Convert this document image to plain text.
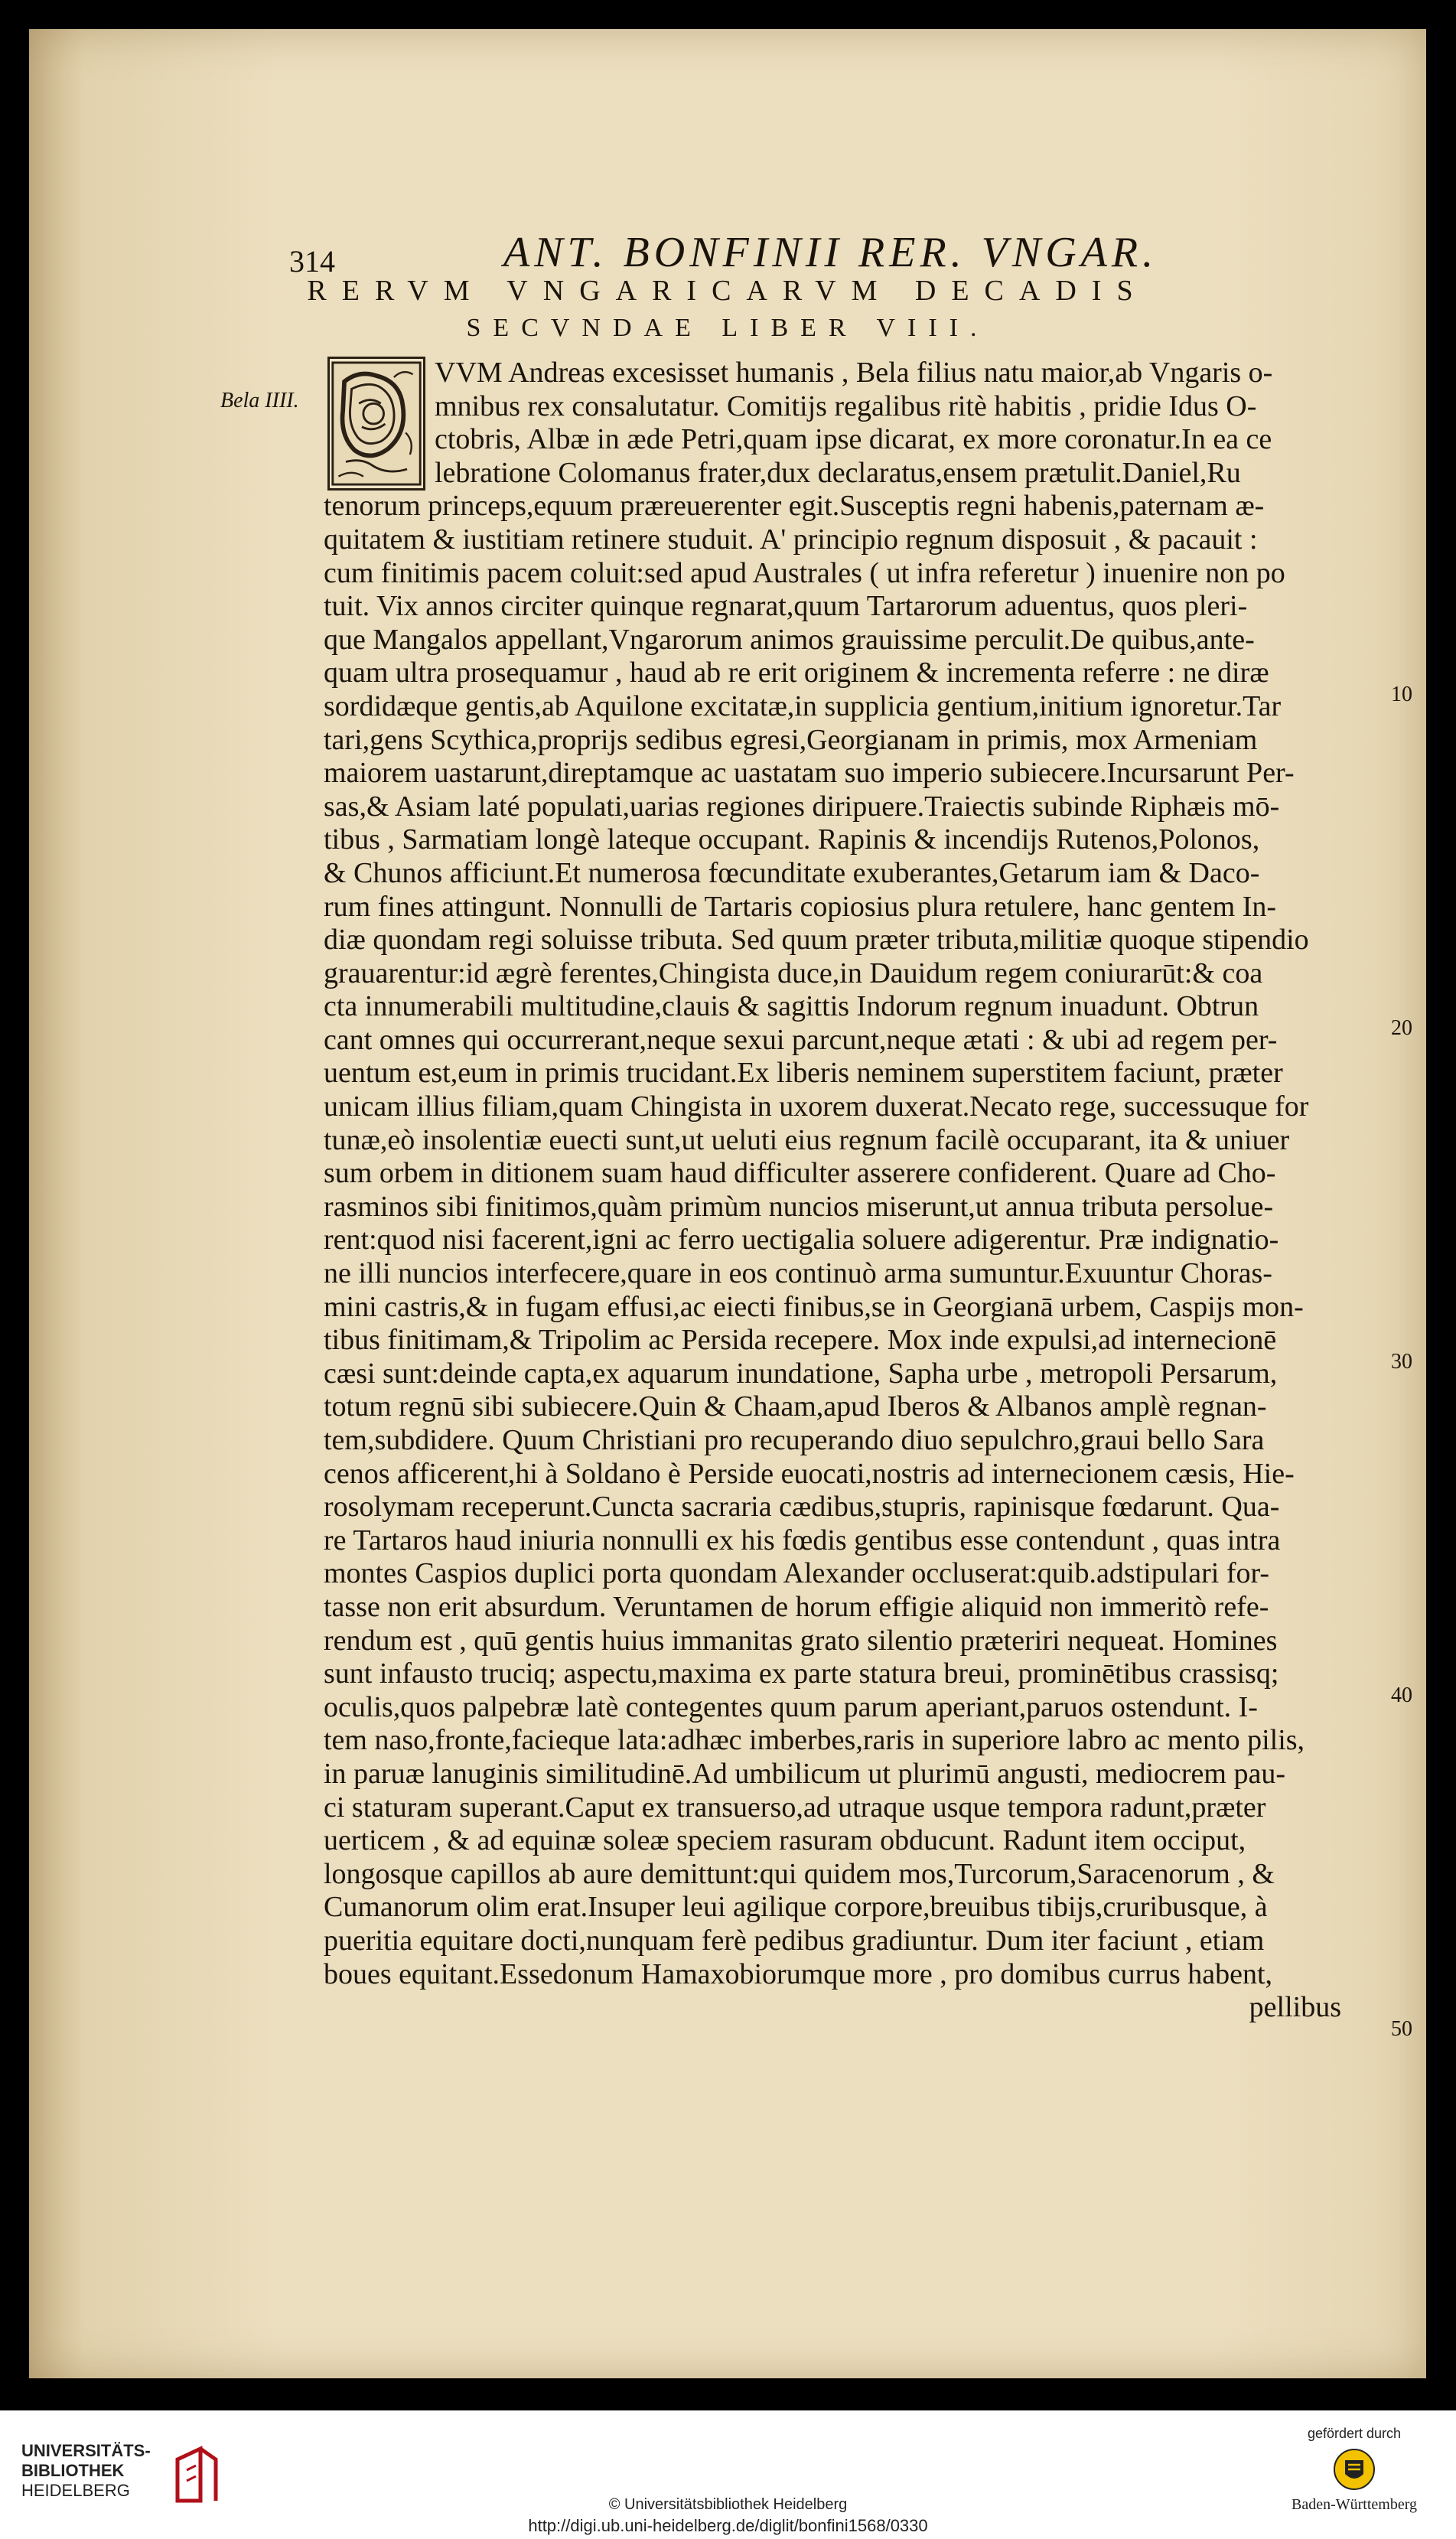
314	ANT. BONFINII RER. VNGAR.
RERVM VNGARICARVM DECADIS
SECVNDAE LIBER VIII.
Bela IIII.
VVM Andreas excesisset humanis , Bela filius natu maior,ab Vngaris o-
mnibus rex consalutatur. Comitijs regalibus ritè habitis , pridie Idus O-
ctobris, Albæ in æde Petri,quam ipse dicarat, ex more coronatur.In ea ce
lebratione Colomanus frater,dux declaratus,ensem prætulit.Daniel,Ru
tenorum princeps,equum præreuerenter egit.Susceptis regni habenis,paternam æ-
quitatem & iustitiam retinere studuit. A' principio regnum disposuit , & pacauit :
cum finitimis pacem coluit:sed apud Australes ( ut infra referetur ) inuenire non po
tuit. Vix annos circiter quinque regnarat,quum Tartarorum aduentus, quos pleri-
que Mangalos appellant,Vngarorum animos grauissime perculit.De quibus,ante-
quam ultra prosequamur , haud ab re erit originem & incrementa referre : ne diræ
sordidæque gentis,ab Aquilone excitatæ,in supplicia gentium,initium ignoretur.Tar
tari,gens Scythica,proprijs sedibus egresi,Georgianam in primis, mox Armeniam
maiorem uastarunt,direptamque ac uastatam suo imperio subiecere.Incursarunt Per-
sas,& Asiam laté populati,uarias regiones diripuere.Traiectis subinde Riphæis mō-
tibus , Sarmatiam longè lateque occupant. Rapinis & incendijs Rutenos,Polonos,
& Chunos afficiunt.Et numerosa fœcunditate exuberantes,Getarum iam & Daco-
rum fines attingunt. Nonnulli de Tartaris copiosius plura retulere, hanc gentem In-
diæ quondam regi soluisse tributa. Sed quum præter tributa,militiæ quoque stipendio
grauarentur:id ægrè ferentes,Chingista duce,in Dauidum regem coniurarūt:& coa
cta innumerabili multitudine,clauis & sagittis Indorum regnum inuadunt. Obtrun
cant omnes qui occurrerant,neque sexui parcunt,neque ætati : & ubi ad regem per-
uentum est,eum in primis trucidant.Ex liberis neminem superstitem faciunt, præter
unicam illius filiam,quam Chingista in uxorem duxerat.Necato rege, successuque for
tunæ,eò insolentiæ euecti sunt,ut ueluti eius regnum facilè occuparant, ita & uniuer
sum orbem in ditionem suam haud difficulter asserere confiderent. Quare ad Cho-
rasminos sibi finitimos,quàm primùm nuncios miserunt,ut annua tributa persolue-
rent:quod nisi facerent,igni ac ferro uectigalia soluere adigerentur. Præ indignatio-
ne illi nuncios interfecere,quare in eos continuò arma sumuntur.Exuuntur Choras-
mini castris,& in fugam effusi,ac eiecti finibus,se in Georgianā urbem, Caspijs mon-
tibus finitimam,& Tripolim ac Persida recepere. Mox inde expulsi,ad internecionē
cæsi sunt:deinde capta,ex aquarum inundatione, Sapha urbe , metropoli Persarum,
totum regnū sibi subiecere.Quin & Chaam,apud Iberos & Albanos amplè regnan-
tem,subdidere. Quum Christiani pro recuperando diuo sepulchro,graui bello Sara
cenos afficerent,hi à Soldano è Perside euocati,nostris ad internecionem cæsis, Hie-
rosolymam receperunt.Cuncta sacraria cædibus,stupris, rapinisque fœdarunt. Qua-
re Tartaros haud iniuria nonnulli ex his fœdis gentibus esse contendunt , quas intra
montes Caspios duplici porta quondam Alexander occluserat:quib.adstipulari for-
tasse non erit absurdum. Veruntamen de horum effigie aliquid non immeritò refe-
rendum est , quū gentis huius immanitas grato silentio præteriri nequeat. Homines
sunt infausto truciq; aspectu,maxima ex parte statura breui, prominētibus crassisq;
oculis,quos palpebræ latè contegentes quum parum aperiant,paruos ostendunt. I-
tem naso,fronte,facieque lata:adhæc imberbes,raris in superiore labro ac mento pilis,
in paruæ lanuginis similitudinē.Ad umbilicum ut plurimū angusti, mediocrem pau-
ci staturam superant.Caput ex transuerso,ad utraque usque tempora radunt,præter
uerticem , & ad equinæ soleæ speciem rasuram obducunt. Radunt item occiput,
longosque capillos ab aure demittunt:qui quidem mos,Turcorum,Saracenorum , &
Cumanorum olim erat.Insuper leui agilique corpore,breuibus tibijs,cruribusque, à
pueritia equitare docti,nunquam ferè pedibus gradiuntur. Dum iter faciunt , etiam
boues equitant.Essedonum Hamaxobiorumque more , pro domibus currus habent,
pellibus
10
20
30
40
50
UNIVERSITÄTS-
BIBLIOTHEK
HEIDELBERG
© Universitätsbibliothek Heidelberg
http://digi.ub.uni-heidelberg.de/diglit/bonfini1568/0330
gefördert durch
Baden-Württemberg
